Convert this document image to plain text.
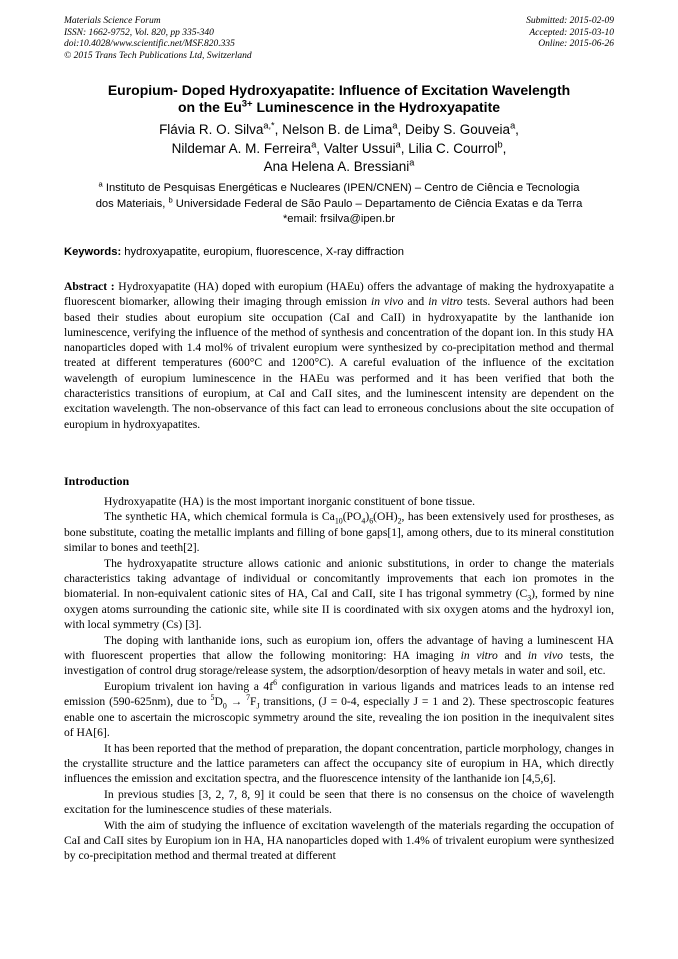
Materials Science Forum
ISSN: 1662-9752, Vol. 820, pp 335-340
doi:10.4028/www.scientific.net/MSF.820.335
© 2015 Trans Tech Publications Ltd, Switzerland
Submitted: 2015-02-09
Accepted: 2015-03-10
Online: 2015-06-26
Europium- Doped Hydroxyapatite: Influence of Excitation Wavelength
on the $Eu^{3+}$ Luminescence in the Hydroxyapatite
Flávia R. O. Silva$^{a,*}$, Nelson B. de Lima$^a$, Deiby S. Gouveia$^a$,
Nildemar A. M. Ferreira$^a$, Valter Ussui$^a$, Lilia C. Courrol$^b$,
Ana Helena A. Bressiani$^a$
$^a$ Instituto de Pesquisas Energéticas e Nucleares (IPEN/CNEN) – Centro de Ciência e Tecnologia
dos Materiais, $^b$ Universidade Federal de São Paulo – Departamento de Ciência Exatas e da Terra
*email: frsilva@ipen.br
Keywords: hydroxyapatite, europium, fluorescence, X-ray diffraction

Abstract : Hydroxyapatite (HA) doped with europium (HAEu) offers the advantage of making the hydroxyapatite a fluorescent biomarker, allowing their imaging through emission in vivo and in vitro tests. Several authors had been based their studies about europium site occupation (CaI and CaII) in hydroxyapatite by the lanthanide ion luminescence, verifying the influence of the method of synthesis and concentration of the dopant ion. In this study HA nanoparticles doped with 1.4 mol% of trivalent europium were synthesized by co-precipitation method and thermal treated at different temperatures (600°C and 1200°C). A careful evaluation of the influence of the excitation wavelength of europium luminescence in the HAEu was performed and it has been verified that both the characteristics transitions of europium, at CaI and CaII sites, and the luminescent intensity are dependent on the excitation wavelength. The non-observance of this fact can lead to erroneous conclusions about the site occupation of europium in hydroxyapatites.

Introduction

Hydroxyapatite (HA) is the most important inorganic constituent of bone tissue.

The synthetic HA, which chemical formula is $Ca_{10}(PO_4)_6(OH)_2$, has been extensively used for prostheses, as bone substitute, coating the metallic implants and filling of bone gaps[1], among others, due to its mineral constitution similar to bones and teeth[2].

The hydroxyapatite structure allows cationic and anionic substitutions, in order to change the materials characteristics taking advantage of individual or concomitantly improvements that each ion promotes in the biomaterial. In non-equivalent cationic sites of HA, CaI and CaII, site I has trigonal symmetry $(C_3)$, formed by nine oxygen atoms surrounding the cationic site, while site II is coordinated with six oxygen atoms and the hydroxyl ion, with local symmetry (Cs) [3].

The doping with lanthanide ions, such as europium ion, offers the advantage of having a luminescent HA with fluorescent properties that allow the following monitoring: HA imaging in vitro and in vivo tests, the investigation of control drug storage/release system, the adsorption/desorption of heavy metals in water and soil, etc.

Europium trivalent ion having a $4f^6$ configuration in various ligands and matrices leads to an intense red emission (590-625nm), due to $^5D_0 \to ^7F_J$ transitions, (J = 0-4, especially J = 1 and 2). These spectroscopic features enable one to ascertain the microscopic symmetry around the site, revealing the ion position in the inequivalent sites of HA[6].

It has been reported that the method of preparation, the dopant concentration, particle morphology, changes in the crystallite structure and the lattice parameters can affect the occupancy site of europium in HA, which directly influences the emission and excitation spectra, and the fluorescence intensity of the lanthanide ion [4,5,6].

In previous studies [3, 2, 7, 8, 9] it could be seen that there is no consensus on the choice of wavelength excitation for the luminescence studies of these materials.

With the aim of studying the influence of excitation wavelength of the materials regarding the occupation of CaI and CaII sites by Europium ion in HA, HA nanoparticles doped with 1.4% of trivalent europium were synthesized by co-precipitation method and thermal treated at different
